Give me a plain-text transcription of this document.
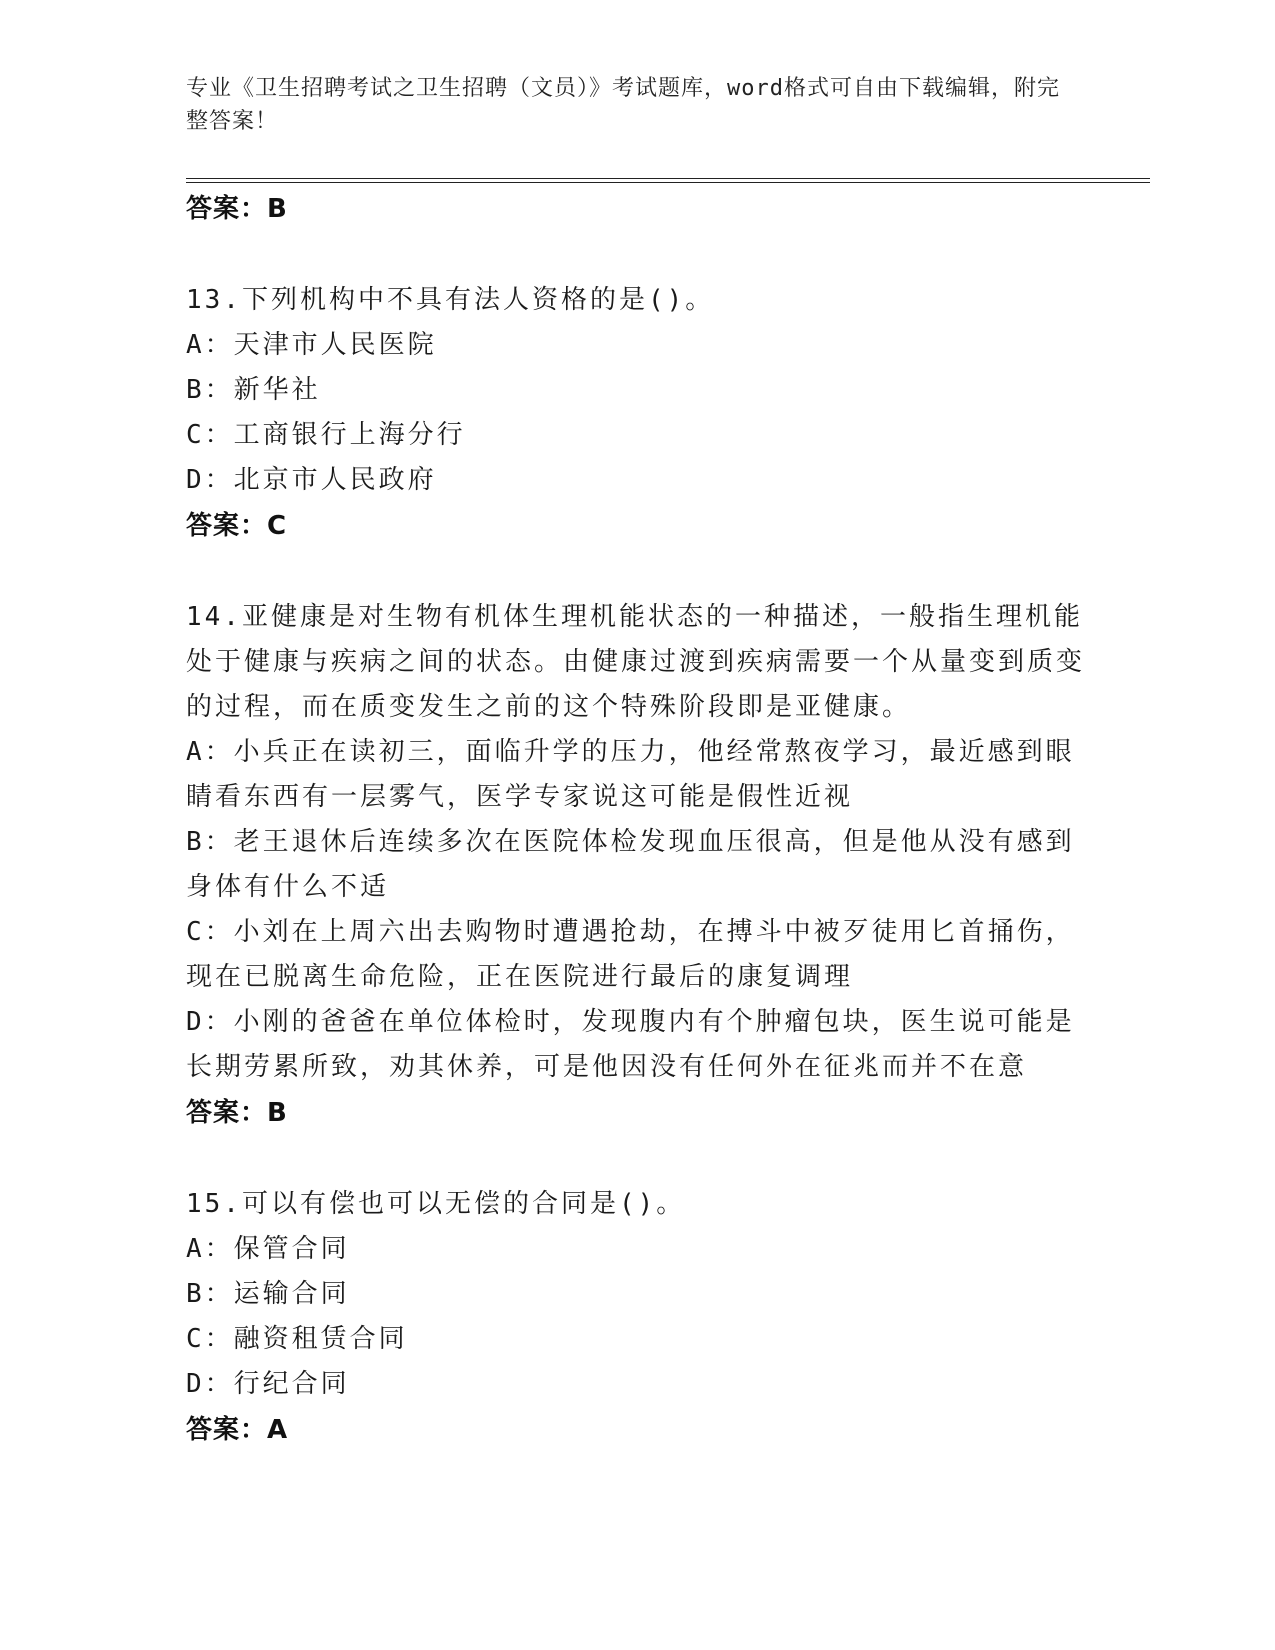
专业《卫生招聘考试之卫生招聘（文员）》考试题库，word格式可自由下载编辑，附完整答案！
答案：B
13.下列机构中不具有法人资格的是()。
A：天津市人民医院
B：新华社
C：工商银行上海分行
D：北京市人民政府
答案：C
14.亚健康是对生物有机体生理机能状态的一种描述，一般指生理机能处于健康与疾病之间的状态。由健康过渡到疾病需要一个从量变到质变的过程，而在质变发生之前的这个特殊阶段即是亚健康。
A：小兵正在读初三，面临升学的压力，他经常熬夜学习，最近感到眼睛看东西有一层雾气，医学专家说这可能是假性近视
B：老王退休后连续多次在医院体检发现血压很高，但是他从没有感到身体有什么不适
C：小刘在上周六出去购物时遭遇抢劫，在搏斗中被歹徒用匕首捅伤，现在已脱离生命危险，正在医院进行最后的康复调理
D：小刚的爸爸在单位体检时，发现腹内有个肿瘤包块，医生说可能是长期劳累所致，劝其休养，可是他因没有任何外在征兆而并不在意
答案：B
15.可以有偿也可以无偿的合同是()。
A：保管合同
B：运输合同
C：融资租赁合同
D：行纪合同
答案：A
